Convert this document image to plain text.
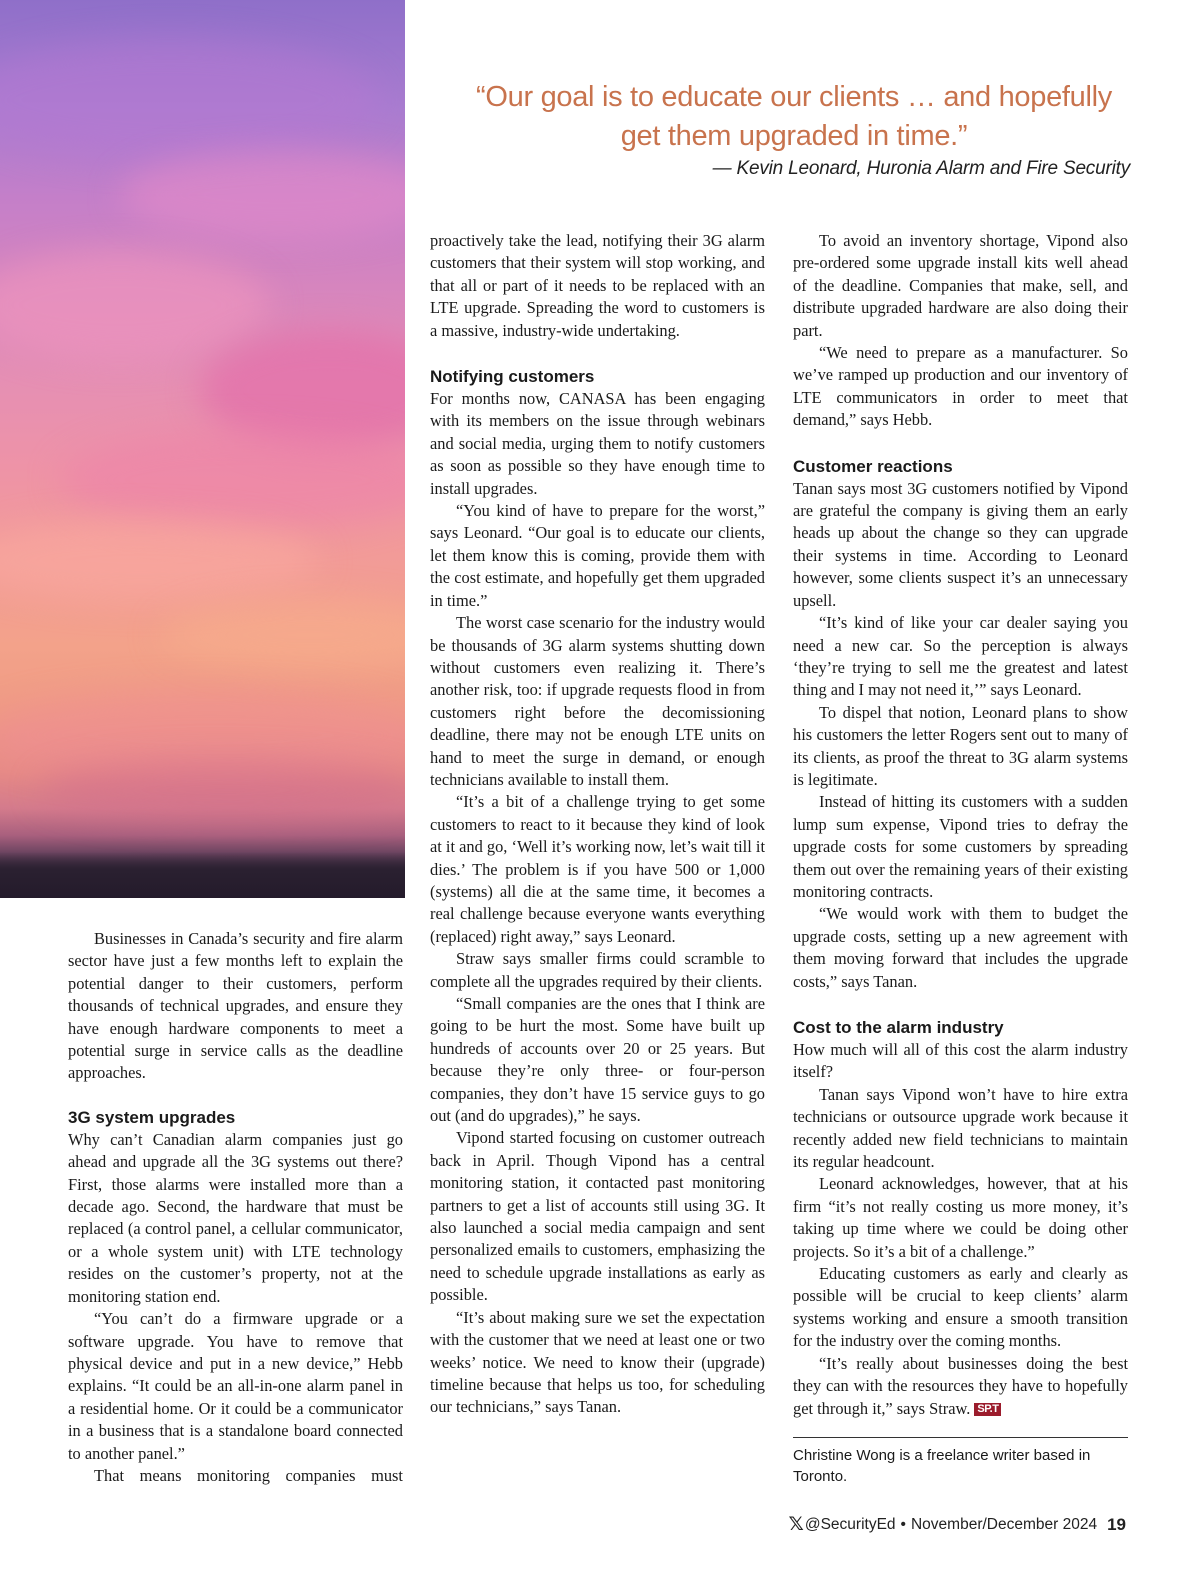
“Our goal is to educate our clients … and hopefully get them upgraded in time.”
— Kevin Leonard, Huronia Alarm and Fire Security

Businesses in Canada’s security and fire alarm sector have just a few months left to explain the potential danger to their customers, perform thousands of technical upgrades, and ensure they have enough hardware components to meet a potential surge in service calls as the deadline approaches.

3G system upgrades

Why can’t Canadian alarm companies just go ahead and upgrade all the 3G systems out there? First, those alarms were installed more than a decade ago. Second, the hardware that must be replaced (a control panel, a cellular communicator, or a whole system unit) with LTE technology resides on the customer’s property, not at the monitoring station end.

“You can’t do a firmware upgrade or a software upgrade. You have to remove that physical device and put in a new device,” Hebb explains. “It could be an all-in-one alarm panel in a residential home. Or it could be a communicator in a business that is a standalone board connected to another panel.”

That means monitoring companies must

proactively take the lead, notifying their 3G alarm customers that their system will stop working, and that all or part of it needs to be replaced with an LTE upgrade. Spreading the word to customers is a massive, industry-wide undertaking.

Notifying customers

For months now, CANASA has been engaging with its members on the issue through webinars and social media, urging them to notify customers as soon as possible so they have enough time to install upgrades.

“You kind of have to prepare for the worst,” says Leonard. “Our goal is to educate our clients, let them know this is coming, provide them with the cost estimate, and hopefully get them upgraded in time.”

The worst case scenario for the industry would be thousands of 3G alarm systems shutting down without customers even realizing it. There’s another risk, too: if upgrade requests flood in from customers right before the decomissioning deadline, there may not be enough LTE units on hand to meet the surge in demand, or enough technicians available to install them.

“It’s a bit of a challenge trying to get some customers to react to it because they kind of look at it and go, ‘Well it’s working now, let’s wait till it dies.’ The problem is if you have 500 or 1,000 (systems) all die at the same time, it becomes a real challenge because everyone wants everything (replaced) right away,” says Leonard.

Straw says smaller firms could scramble to complete all the upgrades required by their clients.

“Small companies are the ones that I think are going to be hurt the most. Some have built up hundreds of accounts over 20 or 25 years. But because they’re only three- or four-person companies, they don’t have 15 service guys to go out (and do upgrades),” he says.

Vipond started focusing on customer outreach back in April. Though Vipond has a central monitoring station, it contacted past monitoring partners to get a list of accounts still using 3G. It also launched a social media campaign and sent personalized emails to customers, emphasizing the need to schedule upgrade installations as early as possible.

“It’s about making sure we set the expectation with the customer that we need at least one or two weeks’ notice. We need to know their (upgrade) timeline because that helps us too, for scheduling our technicians,” says Tanan.

To avoid an inventory shortage, Vipond also pre-ordered some upgrade install kits well ahead of the deadline. Companies that make, sell, and distribute upgraded hardware are also doing their part.

“We need to prepare as a manufacturer. So we’ve ramped up production and our inventory of LTE communicators in order to meet that demand,” says Hebb.

Customer reactions

Tanan says most 3G customers notified by Vipond are grateful the company is giving them an early heads up about the change so they can upgrade their systems in time. According to Leonard however, some clients suspect it’s an unnecessary upsell.

“It’s kind of like your car dealer saying you need a new car. So the perception is always ‘they’re trying to sell me the greatest and latest thing and I may not need it,’” says Leonard.

To dispel that notion, Leonard plans to show his customers the letter Rogers sent out to many of its clients, as proof the threat to 3G alarm systems is legitimate.

Instead of hitting its customers with a sudden lump sum expense, Vipond tries to defray the upgrade costs for some customers by spreading them out over the remaining years of their existing monitoring contracts.

“We would work with them to budget the upgrade costs, setting up a new agreement with them moving forward that includes the upgrade costs,” says Tanan.

Cost to the alarm industry

How much will all of this cost the alarm industry itself?

Tanan says Vipond won’t have to hire extra technicians or outsource upgrade work because it recently added new field technicians to maintain its regular headcount.

Leonard acknowledges, however, that at his firm “it’s not really costing us more money, it’s taking up time where we could be doing other projects. So it’s a bit of a challenge.”

Educating customers as early and clearly as possible will be crucial to keep clients’ alarm systems working and ensure a smooth transition for the industry over the coming months.

“It’s really about businesses doing the best they can with the resources they have to hopefully get through it,” says Straw. SP.T

Christine Wong is a freelance writer based in Toronto.
𝕏 @SecurityEd • November/December 2024 19
